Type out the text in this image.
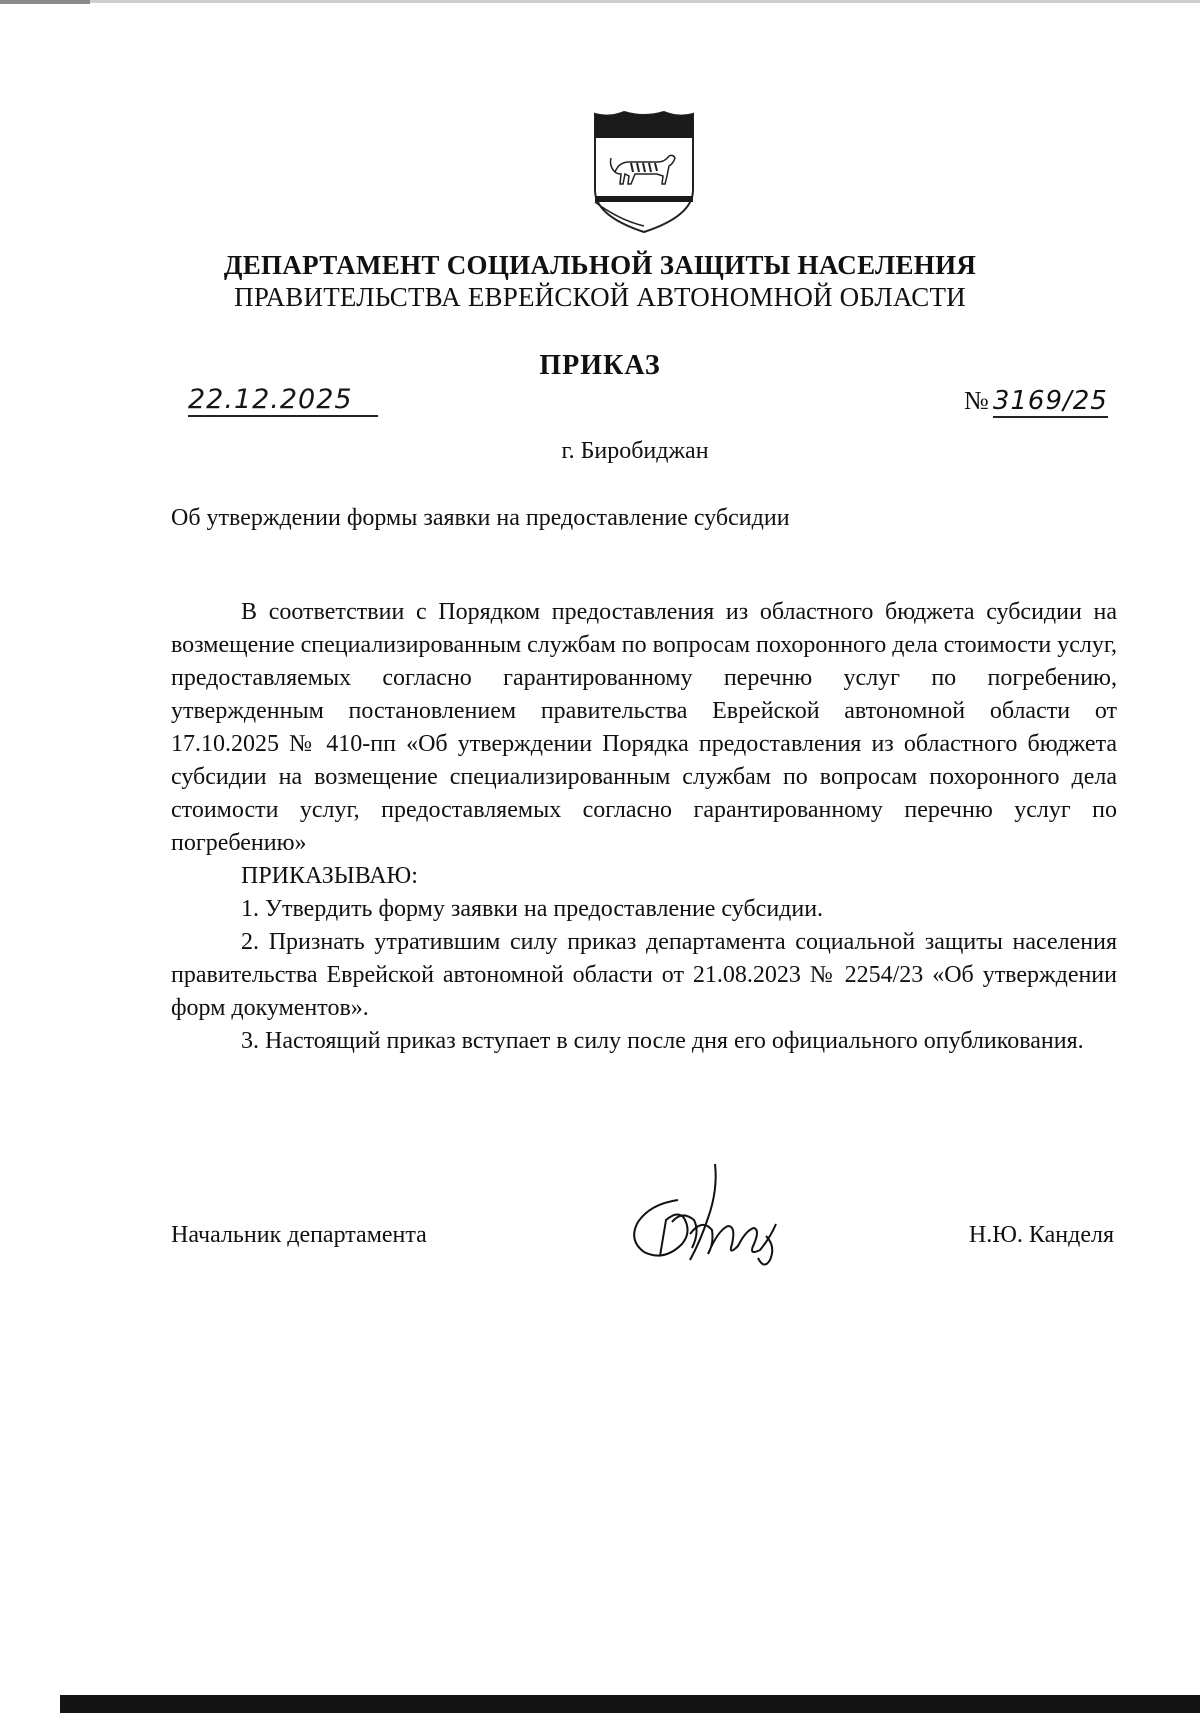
ДЕПАРТАМЕНТ СОЦИАЛЬНОЙ ЗАЩИТЫ НАСЕЛЕНИЯ
ПРАВИТЕЛЬСТВА ЕВРЕЙСКОЙ АВТОНОМНОЙ ОБЛАСТИ
ПРИКАЗ
22.12.2025	№ 3169/25
г. Биробиджан
Об утверждении формы заявки на предоставление субсидии

В соответствии с Порядком предоставления из областного бюджета субсидии на возмещение специализированным службам по вопросам похоронного дела стоимости услуг, предоставляемых согласно гарантированному перечню услуг по погребению, утвержденным постановлением правительства Еврейской автономной области от 17.10.2025 № 410-пп «Об утверждении Порядка предоставления из областного бюджета субсидии на возмещение специализированным службам по вопросам похоронного дела стоимости услуг, предоставляемых согласно гарантированному перечню услуг по погребению»

ПРИКАЗЫВАЮ:

1. Утвердить форму заявки на предоставление субсидии.

2. Признать утратившим силу приказ департамента социальной защиты населения правительства Еврейской автономной области от 21.08.2023 № 2254/23 «Об утверждении форм документов».

3. Настоящий приказ вступает в силу после дня его официального опубликования.

Начальник департамента	Н.Ю. Канделя
